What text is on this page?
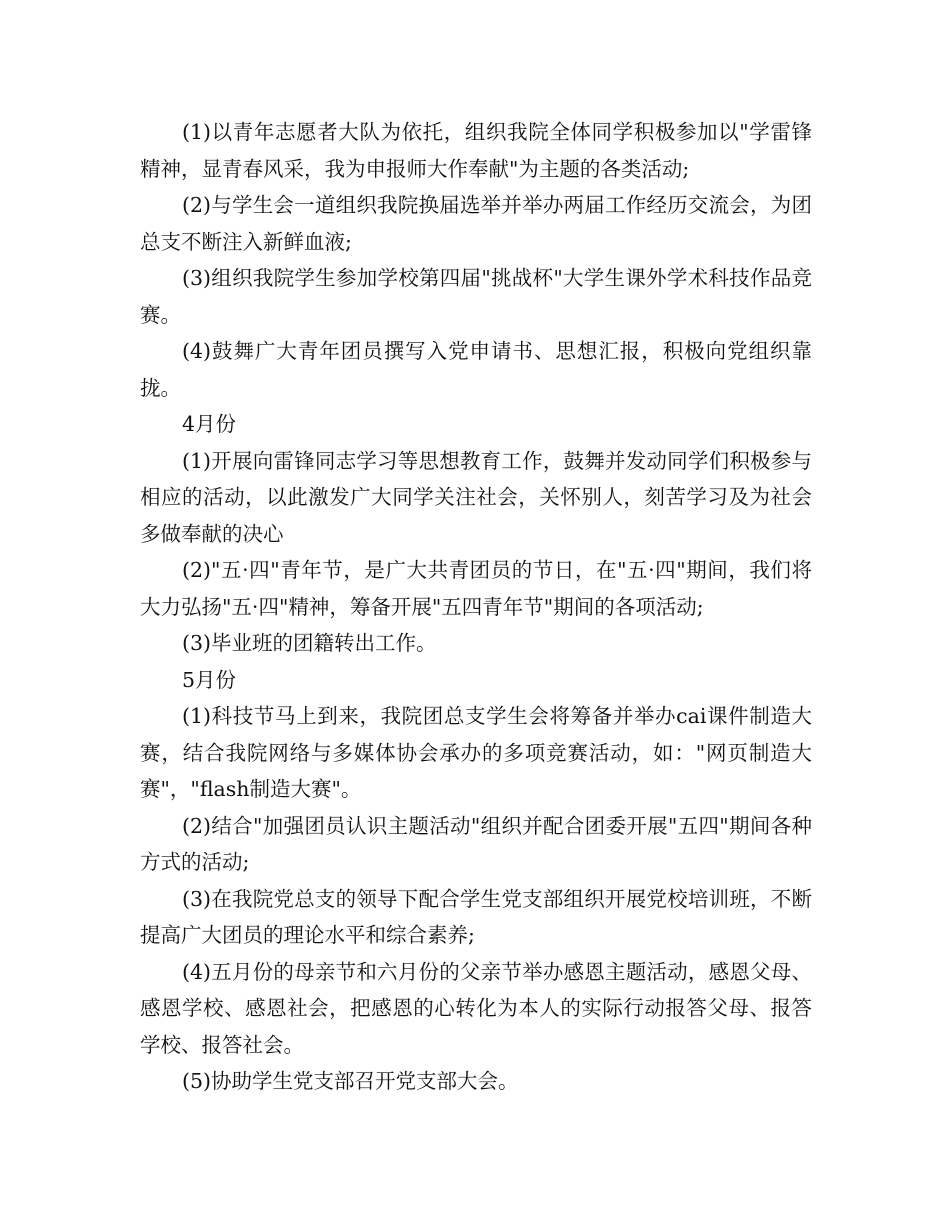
(1)以青年志愿者大队为依托，组织我院全体同学积极参加以"学雷锋精神，显青春风采，我为申报师大作奉献"为主题的各类活动;

(2)与学生会一道组织我院换届选举并举办两届工作经历交流会，为团总支不断注入新鲜血液;

(3)组织我院学生参加学校第四届"挑战杯"大学生课外学术科技作品竞赛。

(4)鼓舞广大青年团员撰写入党申请书、思想汇报，积极向党组织靠拢。

4月份

(1)开展向雷锋同志学习等思想教育工作，鼓舞并发动同学们积极参与相应的活动，以此激发广大同学关注社会，关怀别人，刻苦学习及为社会多做奉献的决心

(2)"五·四"青年节，是广大共青团员的节日，在"五·四"期间，我们将大力弘扬"五·四"精神，筹备开展"五四青年节"期间的各项活动;

(3)毕业班的团籍转出工作。

5月份

(1)科技节马上到来，我院团总支学生会将筹备并举办cai课件制造大赛，结合我院网络与多媒体协会承办的多项竞赛活动，如："网页制造大赛"，"flash制造大赛"。

(2)结合"加强团员认识主题活动"组织并配合团委开展"五四"期间各种方式的活动;

(3)在我院党总支的领导下配合学生党支部组织开展党校培训班，不断提高广大团员的理论水平和综合素养;

(4)五月份的母亲节和六月份的父亲节举办感恩主题活动，感恩父母、感恩学校、感恩社会，把感恩的心转化为本人的实际行动报答父母、报答学校、报答社会。

(5)协助学生党支部召开党支部大会。
